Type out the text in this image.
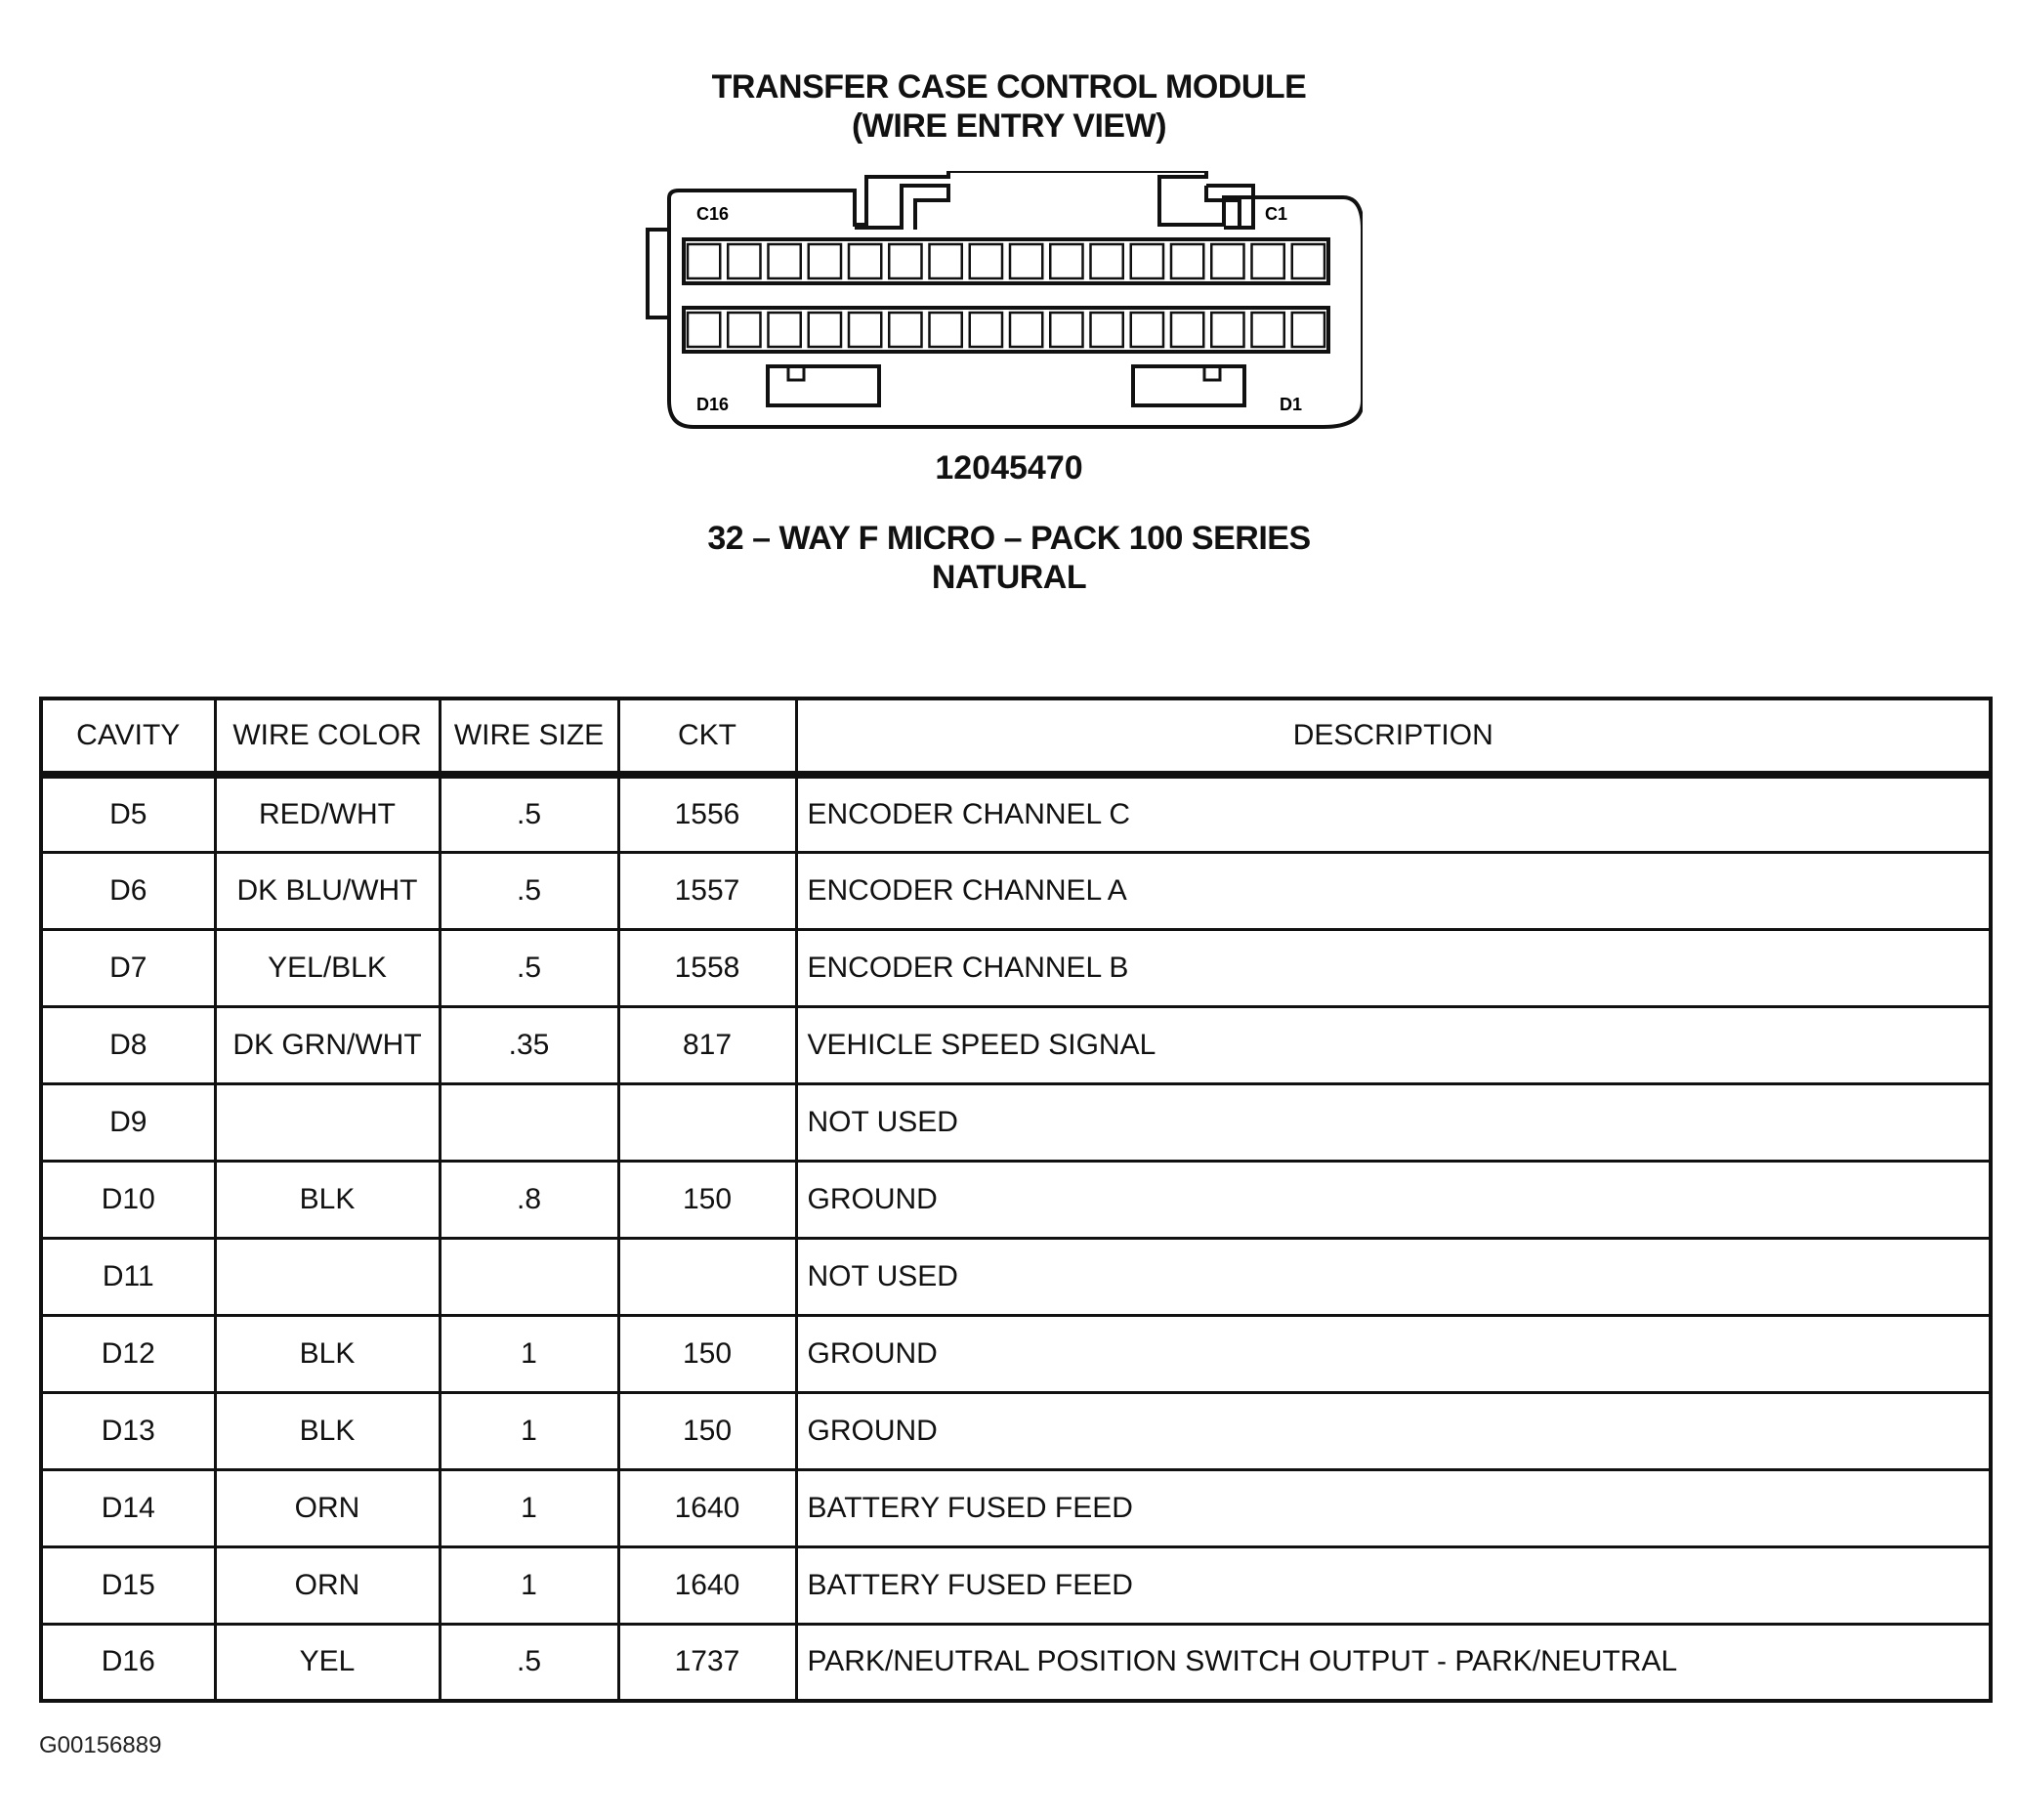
TRANSFER CASE CONTROL MODULE
(WIRE ENTRY VIEW)
C16	C1
D16	D1
12045470
32 – WAY F MICRO – PACK 100 SERIES
NATURAL
CAVITY	WIRE COLOR	WIRE SIZE	CKT	DESCRIPTION
D5	RED/WHT	.5	1556	ENCODER CHANNEL C
D6	DK BLU/WHT	.5	1557	ENCODER CHANNEL A
D7	YEL/BLK	.5	1558	ENCODER CHANNEL B
D8	DK GRN/WHT	.35	817	VEHICLE SPEED SIGNAL
D9				NOT USED
D10	BLK	.8	150	GROUND
D11				NOT USED
D12	BLK	1	150	GROUND
D13	BLK	1	150	GROUND
D14	ORN	1	1640	BATTERY FUSED FEED
D15	ORN	1	1640	BATTERY FUSED FEED
D16	YEL	.5	1737	PARK/NEUTRAL POSITION SWITCH OUTPUT - PARK/NEUTRAL
G00156889
